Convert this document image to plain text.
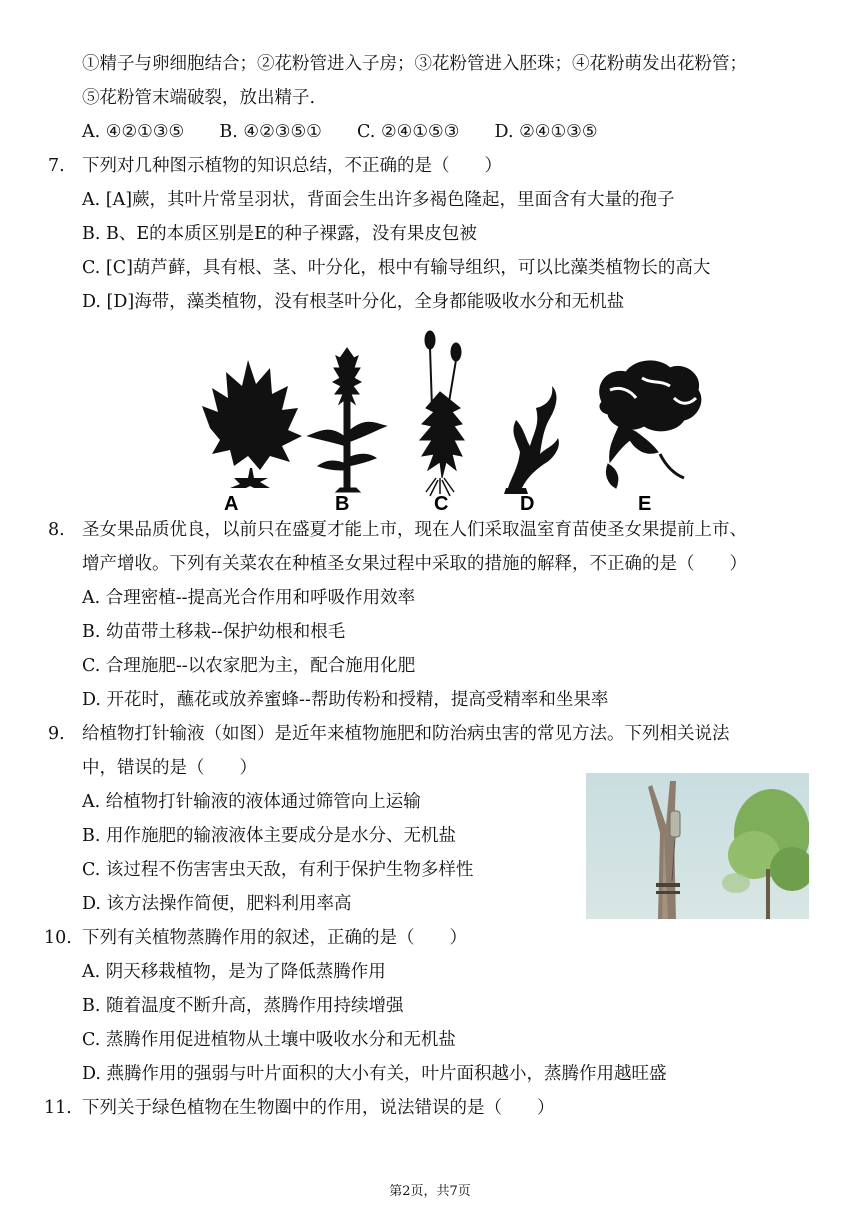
①精子与卵细胞结合；②花粉管进入子房；③花粉管进入胚珠；④花粉萌发出花粉管；
⑤花粉管末端破裂，放出精子.
A. ④②①③⑤ B. ④②③⑤① C. ②④①⑤③ D. ②④①③⑤
7. 下列对几种图示植物的知识总结，不正确的是（　　）
A. [A]蕨，其叶片常呈羽状，背面会生出许多褐色隆起，里面含有大量的孢子
B. B、E的本质区别是E的种子裸露，没有果皮包被
C. [C]葫芦藓，具有根、茎、叶分化，根中有输导组织，可以比藻类植物长的高大
D. [D]海带，藻类植物，没有根茎叶分化，全身都能吸收水分和无机盐
A	B	C	D	E
8. 圣女果品质优良，以前只在盛夏才能上市，现在人们采取温室育苗使圣女果提前上市、
增产增收。下列有关菜农在种植圣女果过程中采取的措施的解释，不正确的是（　　）
A. 合理密植--提高光合作用和呼吸作用效率
B. 幼苗带土移栽--保护幼根和根毛
C. 合理施肥--以农家肥为主，配合施用化肥
D. 开花时，蘸花或放养蜜蜂--帮助传粉和授精，提高受精率和坐果率
9. 给植物打针输液（如图）是近年来植物施肥和防治病虫害的常见方法。下列相关说法
中，错误的是（　　）
A. 给植物打针输液的液体通过筛管向上运输
B. 用作施肥的输液液体主要成分是水分、无机盐
C. 该过程不伤害害虫天敌，有利于保护生物多样性
D. 该方法操作简便，肥料利用率高
10. 下列有关植物蒸腾作用的叙述，正确的是（　　）
A. 阴天移栽植物，是为了降低蒸腾作用
B. 随着温度不断升高，蒸腾作用持续增强
C. 蒸腾作用促进植物从土壤中吸收水分和无机盐
D. 燕腾作用的强弱与叶片面积的大小有关，叶片面积越小，蒸腾作用越旺盛
11. 下列关于绿色植物在生物圈中的作用，说法错误的是（　　）
第2页，共7页
